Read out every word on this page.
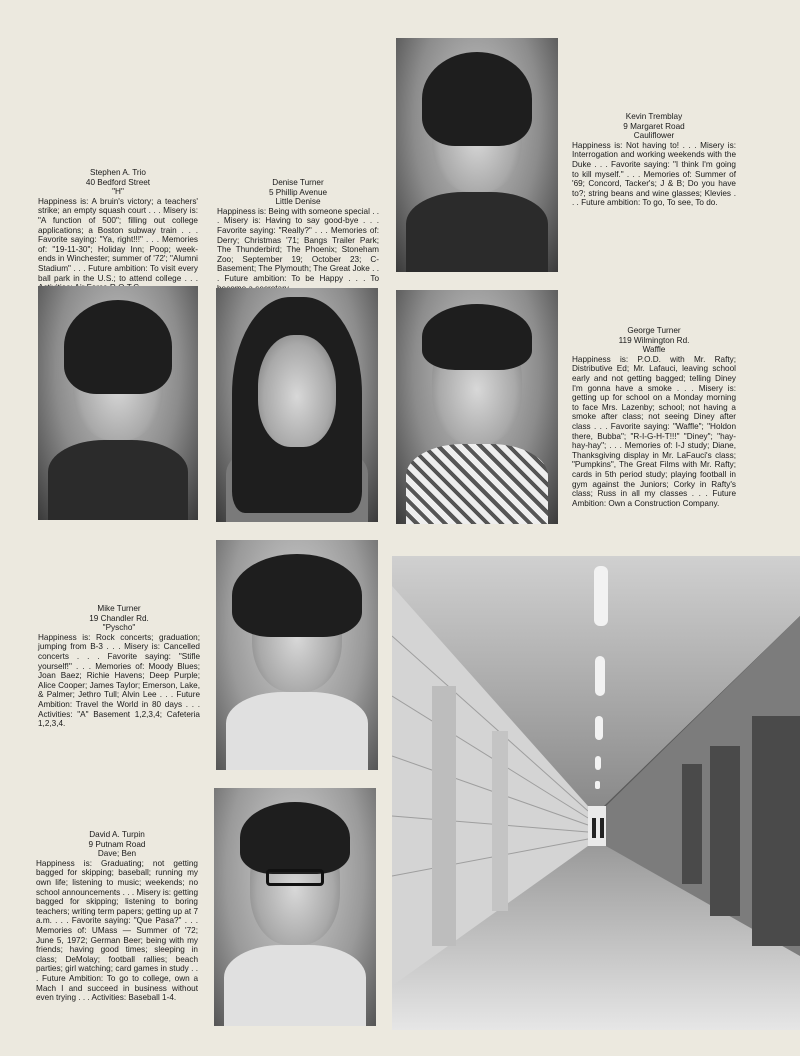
Stephen A. Trio
40 Bedford Street
"H"
Happiness is: A bruin's victory; a teachers' strike; an empty squash court . . . Misery is: "A function of 500"; filling out college applications; a Boston subway train . . . Favorite saying: "Ya, right!!!" . . . Memories of: "19-11-30"; Holiday Inn; Poop; week-ends in Winchester; summer of '72'; "Alumni Stadium" . . . Future ambition: To visit every ball park in the U.S.; to attend college . . .
Denise Turner
5 Phillip Avenue
Little Denise
Happiness is: Being with someone special . . . Misery is: Having to say good-bye . . . Favorite saying: "Really?" . . . Memories of: Derry; Christmas '71; Bangs Trailer Park; The Thunderbird; The Phoenix; Stoneham Zoo; September 19; October 23; C-Basement; The Plymouth; The Great Joke . . . Future ambition: To be Happy . . . To
Kevin Tremblay
9 Margaret Road
Cauliflower
Happiness is: Not having to! . . . Misery is: Interrogation and working weekends with the Duke . . . Favorite saying: "I think I'm going to kill myself." . . . Memories of: Summer of '69; Concord, Tacker's; J & B; Do you have to?; string beans and wine glasses; Klevies . . . Future ambition: To go, To see, To do.
George Turner
119 Wilmington Rd.
Waffle
Happiness is: P.O.D. with Mr. Rafty; Distributive Ed; Mr. Lafauci, leaving school early and not getting bagged; telling Diney I'm gonna have a smoke . . . Misery is: getting up for school on a Monday morning to face Mrs. Lazenby; school; not having a smoke after class; not seeing Diney after class . . . Favorite saying: "Waffle"; "Holdon there, Bubba"; "R-I-G-H-T!!!" "Diney"; "hay-hay-hay"; . . . Memories of: I-J study; Diane, Thanksgiving display in Mr. LaFauci's class; "Pumpkins", The Great Films with Mr. Rafty; cards in 5th period study; playing football in gym against the Juniors; Corky in Rafty's class; Russ in all my classes . . . Future Ambition: Own a Construction Company.
Mike Turner
19 Chandler Rd.
"Pyscho"
Happiness is: Rock concerts; graduation; jumping from B-3 . . . Misery is: Cancelled concerts . . . Favorite saying: "Stifle yourself!" . . . Memories of: Moody Blues; Joan Baez; Richie Havens; Deep Purple; Alice Cooper; James Taylor; Emerson, Lake, & Palmer; Jethro Tull; Alvin Lee . . . Future Ambition: Travel the World in 80 days . . . Activities: "A" Basement 1,2,3,4; Cafeteria 1,2,3,4.
David A. Turpin
9 Putnam Road
Dave; Ben
Happiness is: Graduating; not getting bagged for skipping; baseball; running my own life; listening to music; weekends; no school announcements . . . Misery is: getting bagged for skipping; listening to boring teachers; writing term papers; getting up at 7 a.m. . . . Favorite saying: "Que Pasa?" . . . Memories of: UMass — Summer of '72; June 5, 1972; German Beer; being with my friends; having good times; sleeping in class; DeMolay; football rallies; beach parties; girl watching; card games in study . . . Future Ambition: To go to college, own a Mach I and succeed in business without even trying . . . Activities: Baseball 1-4.
